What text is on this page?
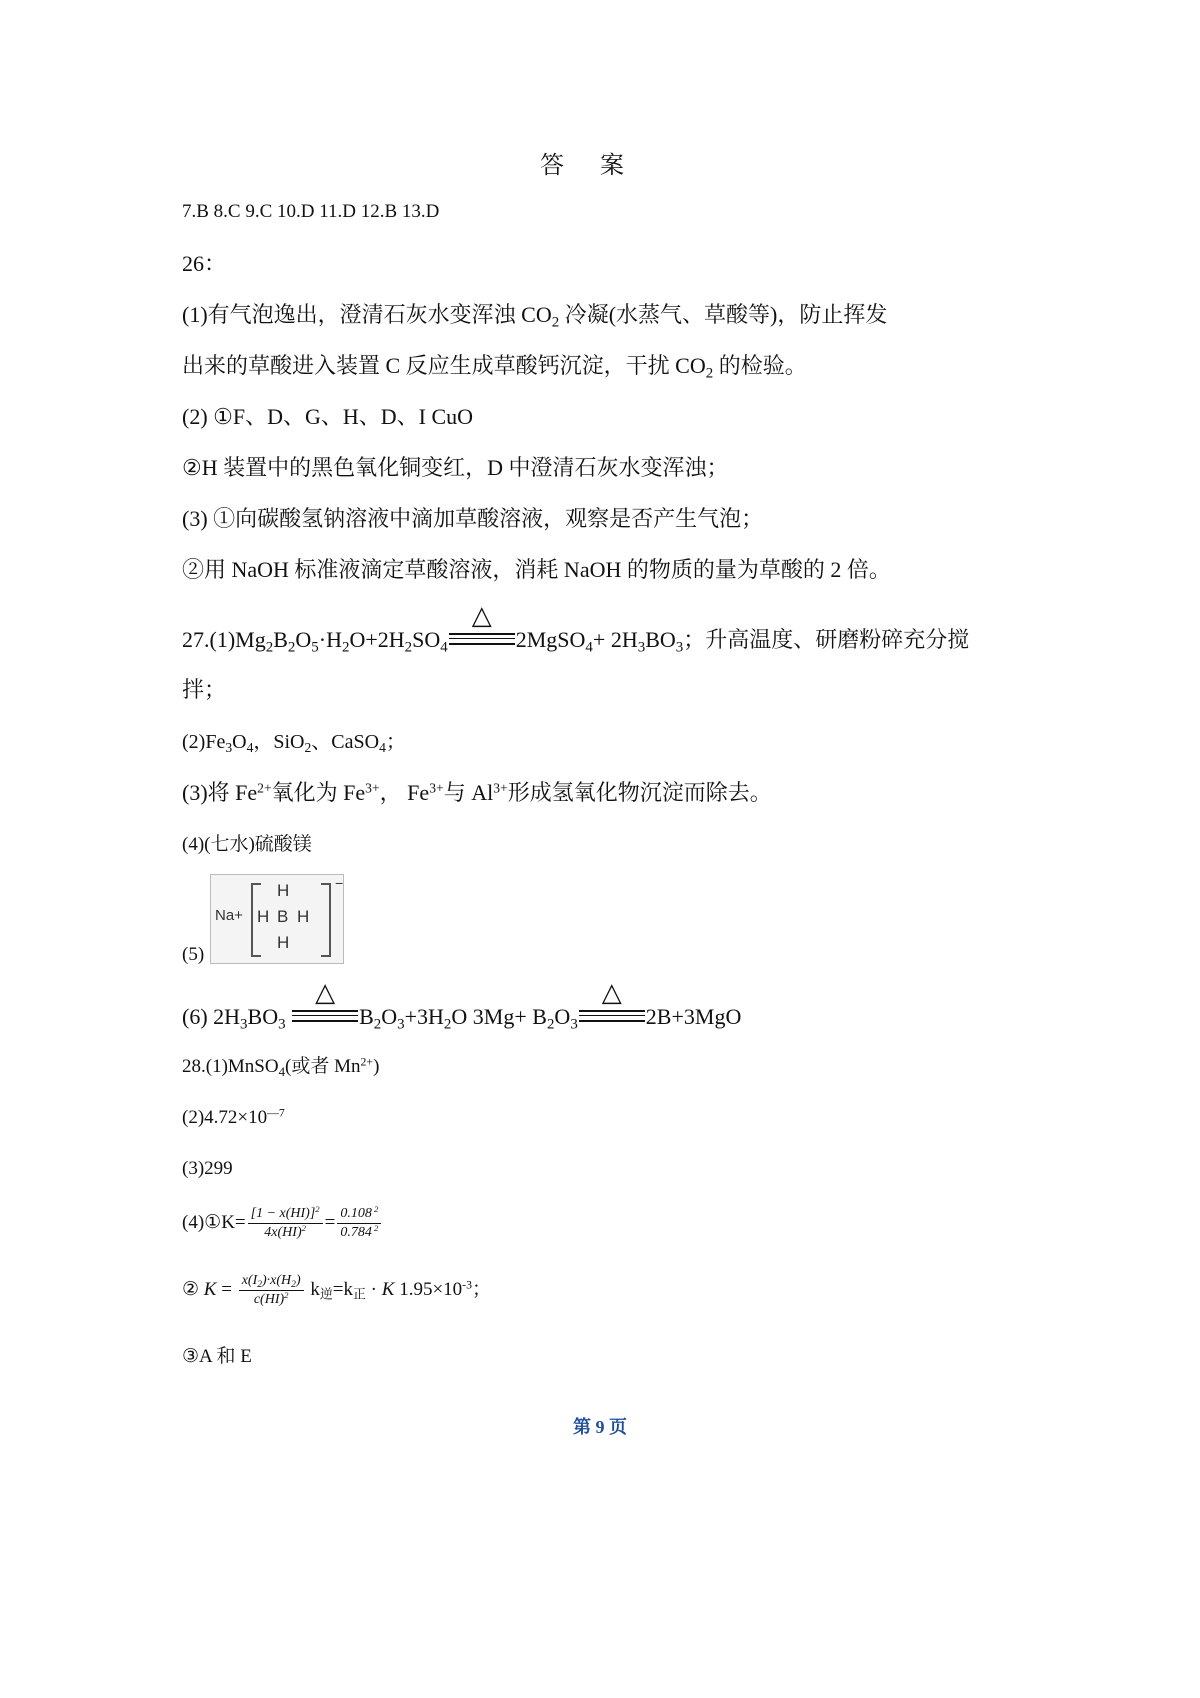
答案
7.B 8.C 9.C 10.D 11.D 12.B 13.D
26：
(1)有气泡逸出，澄清石灰水变浑浊 $CO_2$ 冷凝(水蒸气、草酸等)，防止挥发
出来的草酸进入装置 C 反应生成草酸钙沉淀，干扰 $CO_2$ 的检验。
(2) ①F、D、G、H、D、I CuO
②H 装置中的黑色氧化铜变红，D 中澄清石灰水变浑浊；
(3) ①向碳酸氢钠溶液中滴加草酸溶液，观察是否产生气泡；
②用 NaOH 标准液滴定草酸溶液，消耗 NaOH 的物质的量为草酸的 2 倍。
$27.(1)Mg_2B_2O_5\cdot H_2O+2H_2SO_4$
△
2MgSO$_4$+ $2H_3BO_3$；升高温度、研磨粉碎充分搅
拌；
$(2)Fe_3O_4$，SiO$_2$、CaSO$_4$；
(3)将 $Fe^{2+}$氧化为 $Fe^{3+}$， $Fe^{3+}$与 $Al^{3+}$形成氢氧化物沉淀而除去。
(4)(七水)硫酸镁
(5)
Na+
H
H B H
H
−
(6) $2H_3BO_3$
△
$B_2O_3+3H_2O$ $3Mg+ B_2O_3$
△
2B+3MgO
28.(1)MnSO$_4$(或者 $Mn^{2+}$)
$(2)4.72\times 10^{—7}$
(3)299
(4)①K= $\frac{[1 - x(HI)]^2}{4x(HI)^2} = \frac{0.108 ^2}{0.784 ^2}$
② $K = \frac{x(I_2)\cdot x(H_2)}{c(HI)^2} k_逆=k_正 \cdot K$ $1.95\times 10^{-3}$；
③A 和 E
第 9 页
